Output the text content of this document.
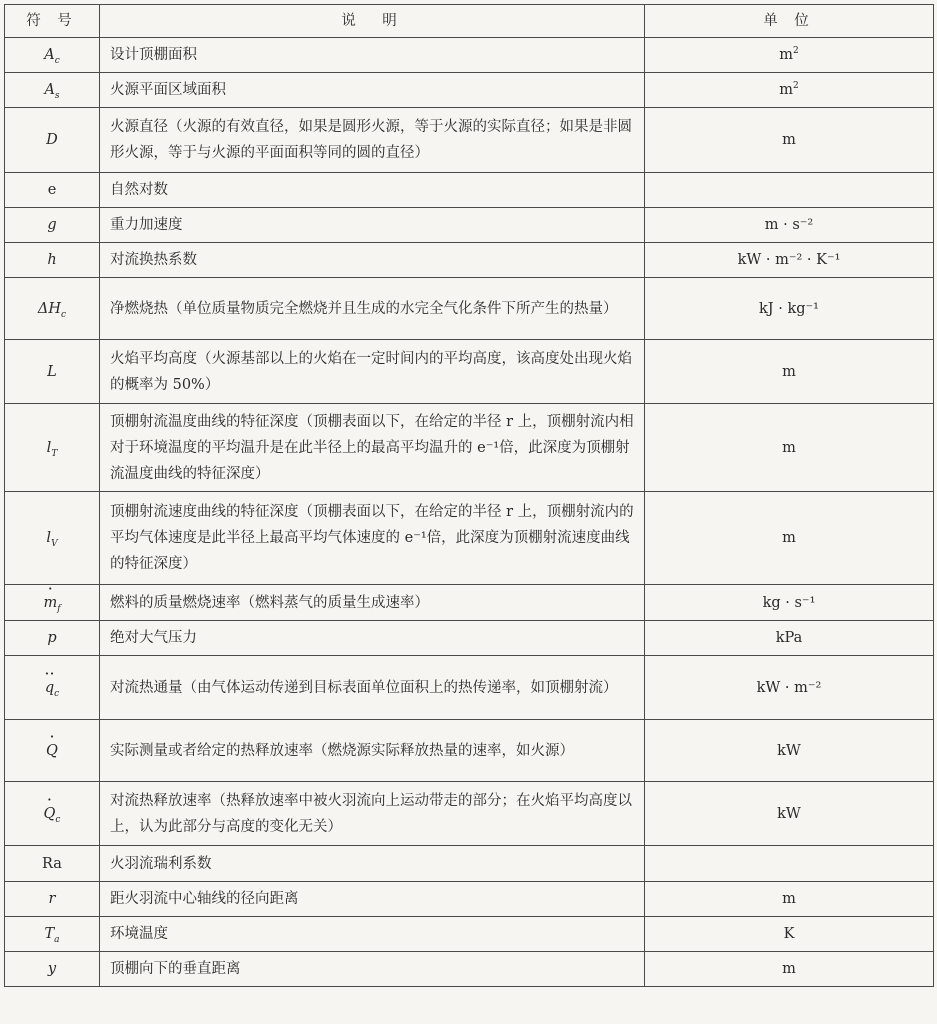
符 号	说　明	单 位
$A_c$	设计顶棚面积	$m^2$
$A_s$	火源平面区域面积	$m^2$
D	火源直径（火源的有效直径，如果是圆形火源，等于火源的实际直径；如果是非圆形火源，等于与火源的平面面积等同的圆的直径）	m
e	自然对数	
g	重力加速度	m · s⁻²
h	对流换热系数	kW · m⁻² · K⁻¹
$\Delta H_c$	净燃烧热（单位质量物质完全燃烧并且生成的水完全气化条件下所产生的热量）	kJ · kg⁻¹
L	火焰平均高度（火源基部以上的火焰在一定时间内的平均高度，该高度处出现火焰的概率为 50%）	m
$l_T$	顶棚射流温度曲线的特征深度（顶棚表面以下，在给定的半径 r 上，顶棚射流内相对于环境温度的平均温升是在此半径上的最高平均温升的 e⁻¹倍，此深度为顶棚射流温度曲线的特征深度）	m
$l_V$	顶棚射流速度曲线的特征深度（顶棚表面以下，在给定的半径 r 上，顶棚射流内的平均气体速度是此半径上最高平均气体速度的 e⁻¹倍，此深度为顶棚射流速度曲线的特征深度）	m
· $m_f$	燃料的质量燃烧速率（燃料蒸气的质量生成速率）	kg · s⁻¹
p	绝对大气压力	kPa
·· $q_c$	对流热通量（由气体运动传递到目标表面单位面积上的热传递率，如顶棚射流）	kW · m⁻²
· Q	实际测量或者给定的热释放速率（燃烧源实际释放热量的速率，如火源）	kW
· $Q_c$	对流热释放速率（热释放速率中被火羽流向上运动带走的部分；在火焰平均高度以上，认为此部分与高度的变化无关）	kW
Ra	火羽流瑞利系数	
r	距火羽流中心轴线的径向距离	m
$T_a$	环境温度	K
y	顶棚向下的垂直距离	m
